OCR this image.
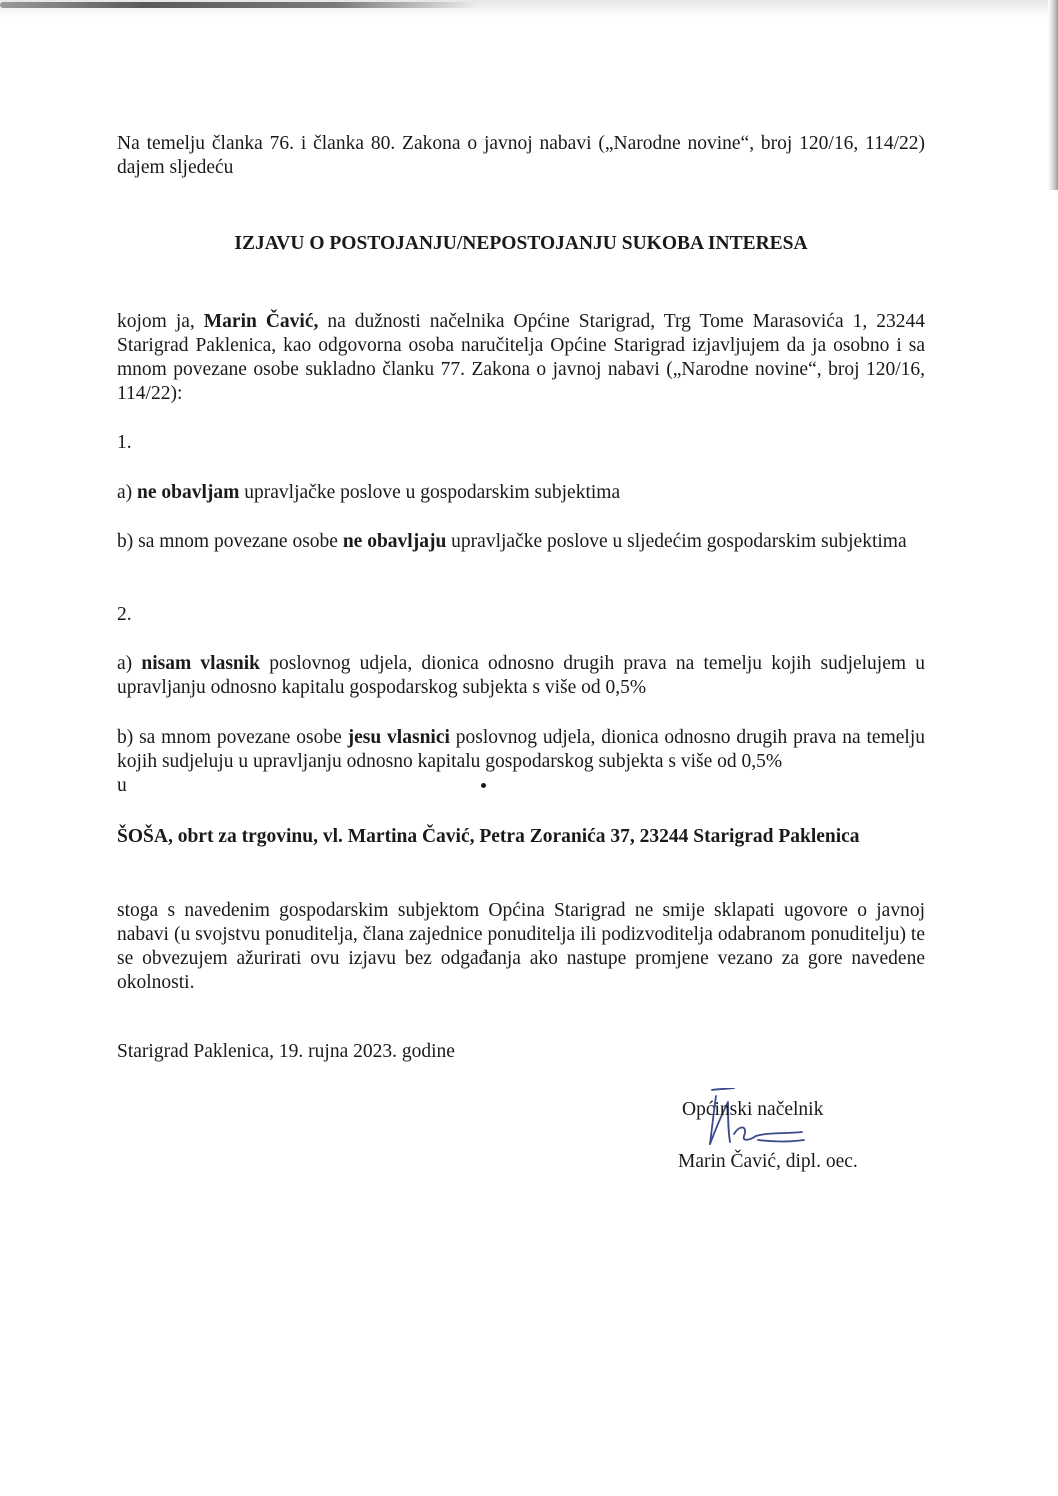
Na temelju članka 76. i članka 80. Zakona o javnoj nabavi („Narodne novine“, broj 120/16, 114/22) dajem sljedeću

IZJAVU O POSTOJANJU/NEPOSTOJANJU SUKOBA INTERESA

kojom ja, Marin Čavić, na dužnosti načelnika Općine Starigrad, Trg Tome Marasovića 1, 23244 Starigrad Paklenica, kao odgovorna osoba naručitelja Općine Starigrad izjavljujem da ja osobno i sa mnom povezane osobe sukladno članku 77. Zakona o javnoj nabavi („Narodne novine“, broj 120/16, 114/22):

1.

a) ne obavljam upravljačke poslove u gospodarskim subjektima

b) sa mnom povezane osobe ne obavljaju upravljačke poslove u sljedećim gospodarskim subjektima

2.

a) nisam vlasnik poslovnog udjela, dionica odnosno drugih prava na temelju kojih sudjelujem u upravljanju odnosno kapitalu gospodarskog subjekta s više od 0,5%

b) sa mnom povezane osobe jesu vlasnici poslovnog udjela, dionica odnosno drugih prava na temelju kojih sudjeluju u upravljanju odnosno kapitalu gospodarskog subjekta s više od 0,5%
u

ŠOŠA, obrt za trgovinu, vl. Martina Čavić, Petra Zoranića 37, 23244 Starigrad Paklenica

stoga s navedenim gospodarskim subjektom Općina Starigrad ne smije sklapati ugovore o javnoj nabavi (u svojstvu ponuditelja, člana zajednice ponuditelja ili podizvoditelja odabranom ponuditelju) te se obvezujem ažurirati ovu izjavu bez odgađanja ako nastupe promjene vezano za gore navedene okolnosti.

Starigrad Paklenica, 19. rujna 2023. godine

Općinski načelnik
Marin Čavić, dipl. oec.
